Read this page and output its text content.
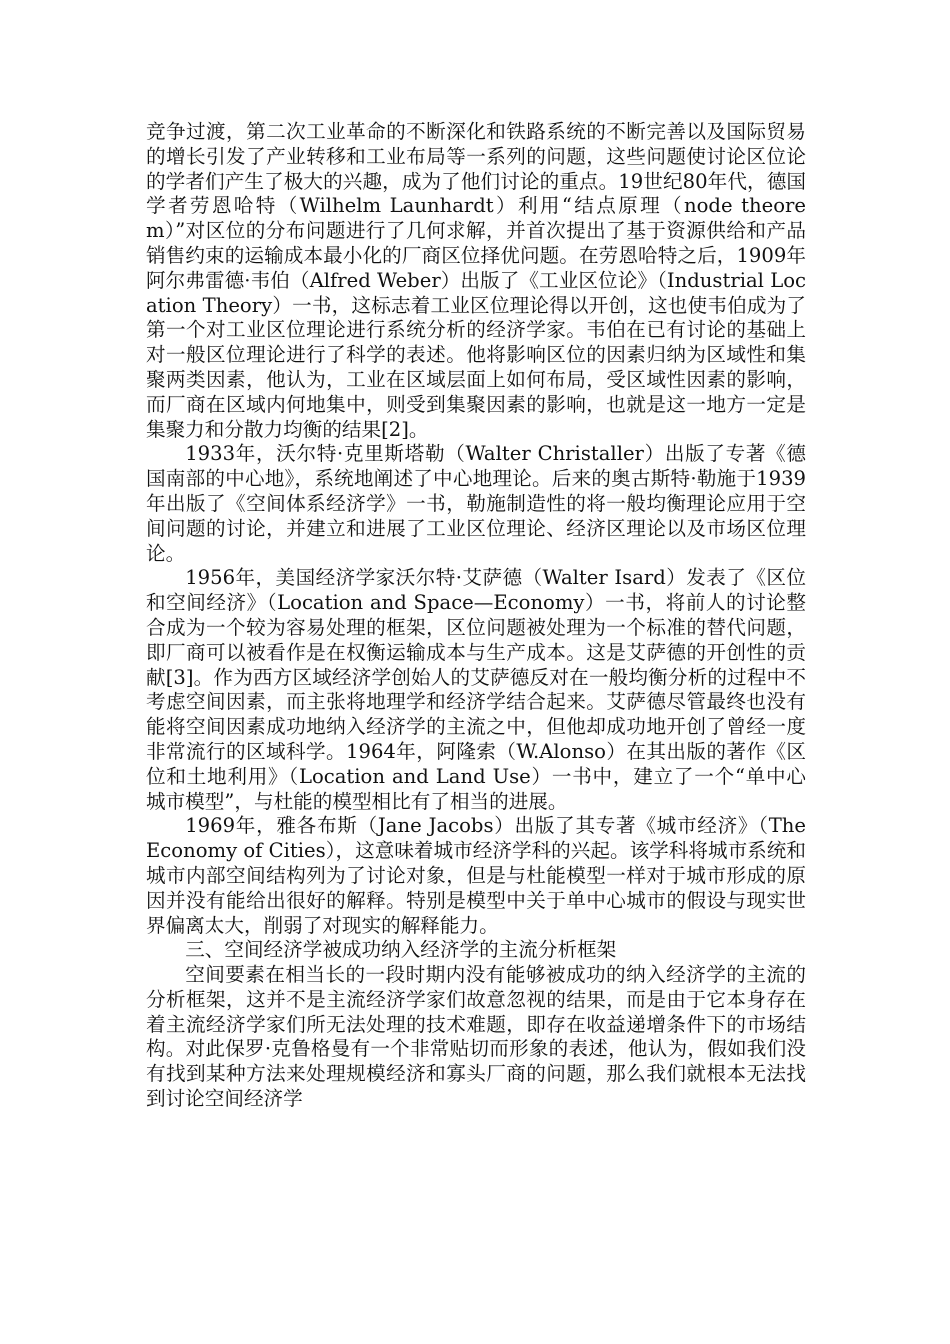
竞争过渡，第二次工业革命的不断深化和铁路系统的不断完善以及国际贸易的增长引发了产业转移和工业布局等一系列的问题，这些问题使讨论区位论的学者们产生了极大的兴趣，成为了他们讨论的重点。19世纪80年代，德国学者劳恩哈特（Wilhelm Launhardt）利用“结点原理（node theorem）”对区位的分布问题进行了几何求解，并首次提出了基于资源供给和产品销售约束的运输成本最小化的厂商区位择优问题。在劳恩哈特之后，1909年阿尔弗雷德·韦伯（Alfred Weber）出版了《工业区位论》（Industrial Location Theory）一书，这标志着工业区位理论得以开创，这也使韦伯成为了第一个对工业区位理论进行系统分析的经济学家。韦伯在已有讨论的基础上对一般区位理论进行了科学的表述。他将影响区位的因素归纳为区域性和集聚两类因素，他认为，工业在区域层面上如何布局，受区域性因素的影响，而厂商在区域内何地集中，则受到集聚因素的影响，也就是这一地方一定是集聚力和分散力均衡的结果[2]。

1933年，沃尔特·克里斯塔勒（Walter Christaller）出版了专著《德国南部的中心地》，系统地阐述了中心地理论。后来的奥古斯特·勒施于1939年出版了《空间体系经济学》一书，勒施制造性的将一般均衡理论应用于空间问题的讨论，并建立和进展了工业区位理论、经济区理论以及市场区位理论。

1956年，美国经济学家沃尔特·艾萨德（Walter Isard）发表了《区位和空间经济》（Location and Space—Economy）一书，将前人的讨论整合成为一个较为容易处理的框架，区位问题被处理为一个标准的替代问题，即厂商可以被看作是在权衡运输成本与生产成本。这是艾萨德的开创性的贡献[3]。作为西方区域经济学创始人的艾萨德反对在一般均衡分析的过程中不考虑空间因素，而主张将地理学和经济学结合起来。艾萨德尽管最终也没有能将空间因素成功地纳入经济学的主流之中，但他却成功地开创了曾经一度非常流行的区域科学。1964年，阿隆索（W.Alonso）在其出版的著作《区位和土地利用》（Location and Land Use）一书中，建立了一个“单中心城市模型”，与杜能的模型相比有了相当的进展。

1969年，雅各布斯（Jane Jacobs）出版了其专著《城市经济》（The Economy of Cities），这意味着城市经济学科的兴起。该学科将城市系统和城市内部空间结构列为了讨论对象，但是与杜能模型一样对于城市形成的原因并没有能给出很好的解释。特别是模型中关于单中心城市的假设与现实世界偏离太大，削弱了对现实的解释能力。

三、空间经济学被成功纳入经济学的主流分析框架

空间要素在相当长的一段时期内没有能够被成功的纳入经济学的主流的分析框架，这并不是主流经济学家们故意忽视的结果，而是由于它本身存在着主流经济学家们所无法处理的技术难题，即存在收益递增条件下的市场结构。对此保罗·克鲁格曼有一个非常贴切而形象的表述，他认为，假如我们没有找到某种方法来处理规模经济和寡头厂商的问题，那么我们就根本无法找到讨论空间经济学
